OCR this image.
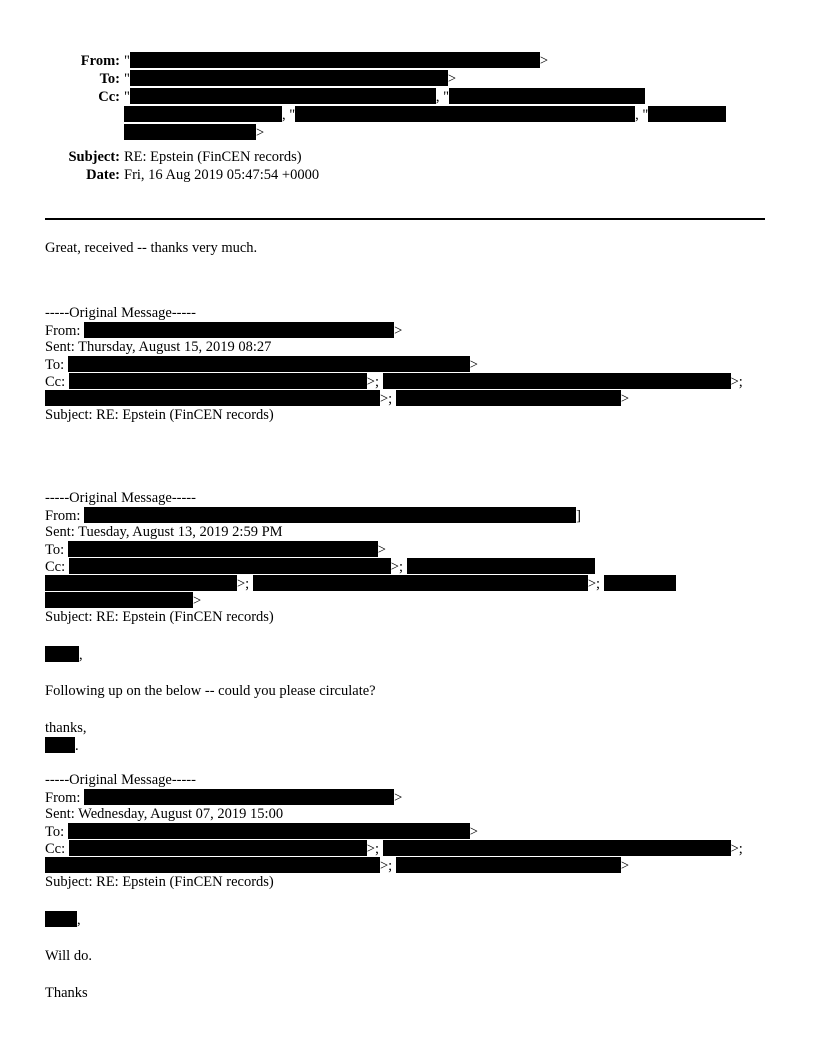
From: "	>
To: "	>
Cc: "	, "
, "	, "
>
Subject: RE: Epstein (FinCEN records)
Date: Fri, 16 Aug 2019 05:47:54 +0000
Great, received -- thanks very much.
-----Original Message-----
From:	>
Sent: Thursday, August 15, 2019 08:27
To:	>
Cc:	>;	>;
>;	>
Subject: RE: Epstein (FinCEN records)
-----Original Message-----
From:	]
Sent: Tuesday, August 13, 2019 2:59 PM
To:	>
Cc:	>;
>;	>;
>
Subject: RE: Epstein (FinCEN records)
,
Following up on the below -- could you please circulate?
thanks,
.
-----Original Message-----
From:	>
Sent: Wednesday, August 07, 2019 15:00
To:	>
Cc:	>;	>;
>;	>
Subject: RE: Epstein (FinCEN records)
,
Will do.
Thanks
